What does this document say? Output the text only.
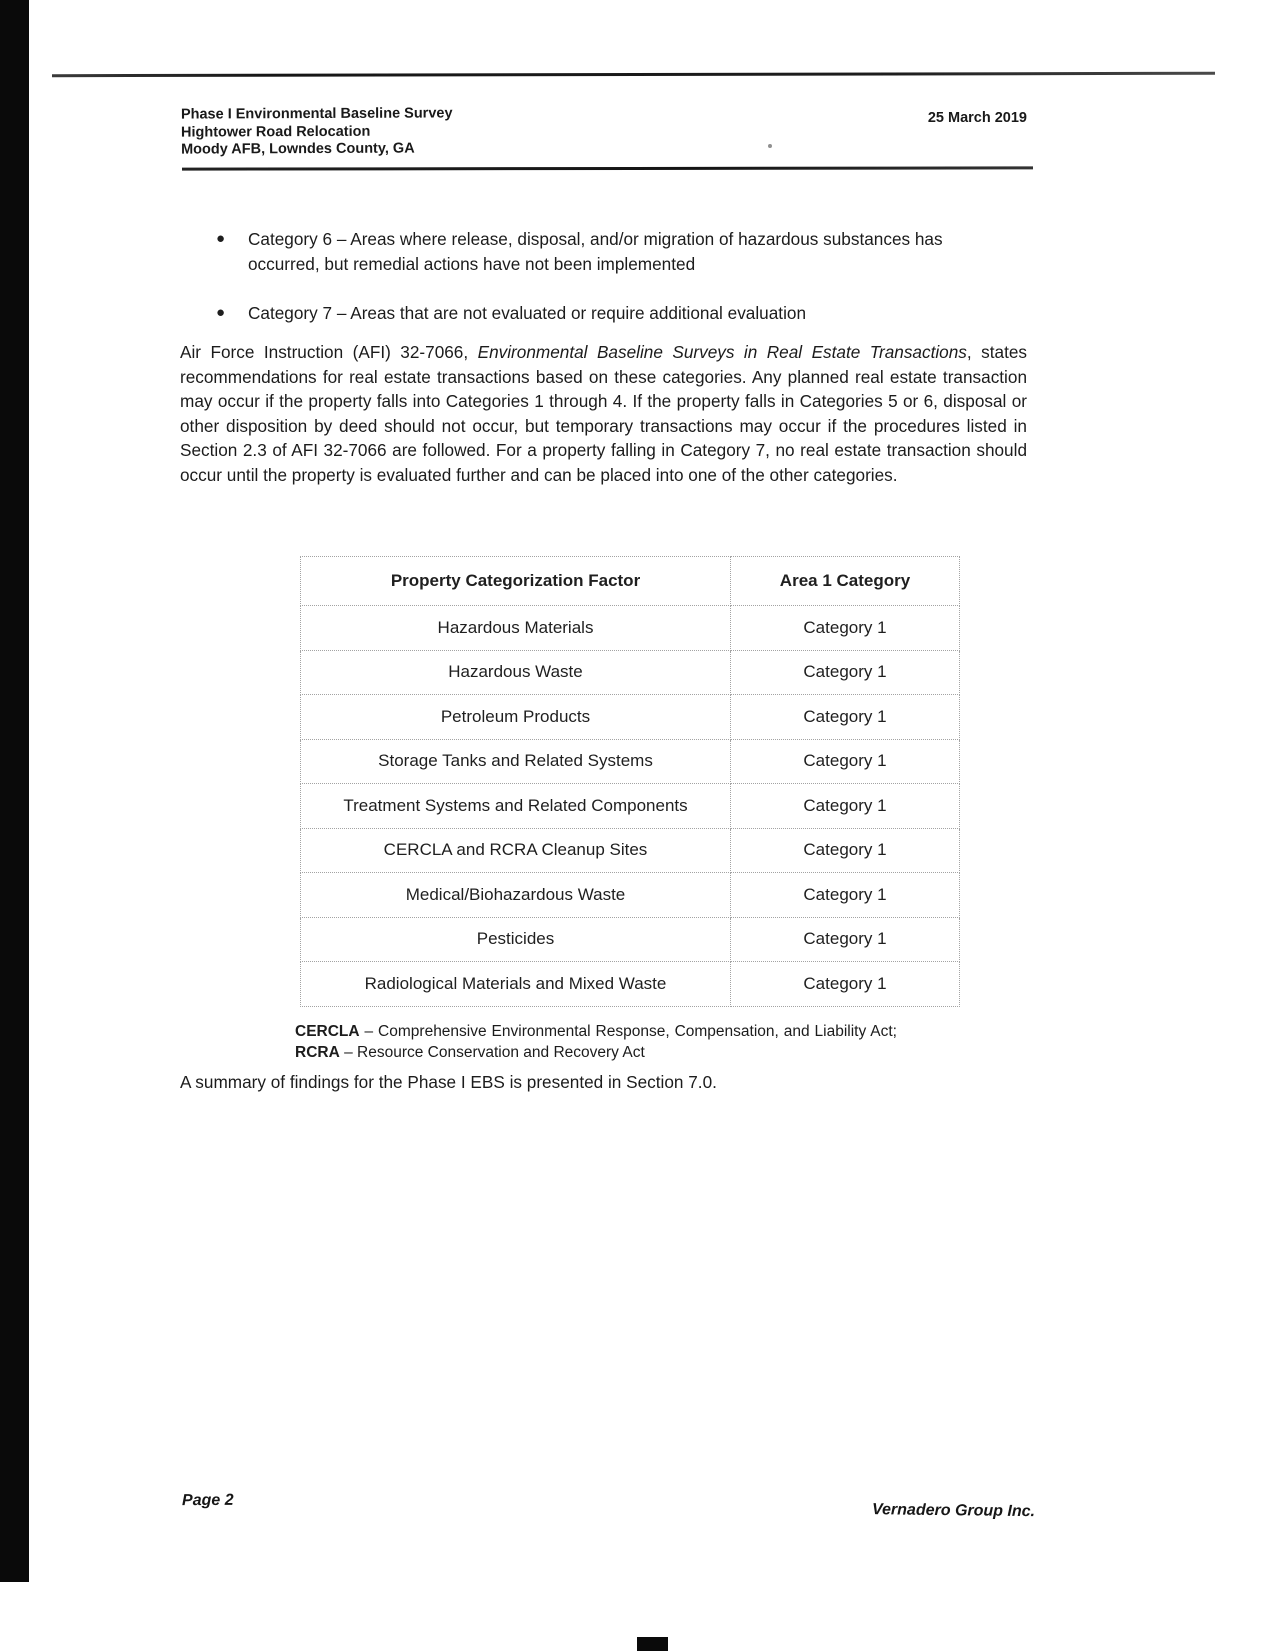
Phase I Environmental Baseline Survey
Hightower Road Relocation
Moody AFB, Lowndes County, GA
25 March 2019
●	Category 6 – Areas where release, disposal, and/or migration of hazardous substances has occurred, but remedial actions have not been implemented
●	Category 7 – Areas that are not evaluated or require additional evaluation

Air Force Instruction (AFI) 32-7066, Environmental Baseline Surveys in Real Estate Transactions, states recommendations for real estate transactions based on these categories. Any planned real estate transaction may occur if the property falls into Categories 1 through 4. If the property falls in Categories 5 or 6, disposal or other disposition by deed should not occur, but temporary transactions may occur if the procedures listed in Section 2.3 of AFI 32-7066 are followed. For a property falling in Category 7, no real estate transaction should occur until the property is evaluated further and can be placed into one of the other categories.

Property Categorization Factor	Area 1 Category
Hazardous Materials	Category 1
Hazardous Waste	Category 1
Petroleum Products	Category 1
Storage Tanks and Related Systems	Category 1
Treatment Systems and Related Components	Category 1
CERCLA and RCRA Cleanup Sites	Category 1
Medical/Biohazardous Waste	Category 1
Pesticides	Category 1
Radiological Materials and Mixed Waste	Category 1

CERCLA – Comprehensive Environmental Response, Compensation, and Liability Act; RCRA – Resource Conservation and Recovery Act

A summary of findings for the Phase I EBS is presented in Section 7.0.

Page 2
Vernadero Group Inc.
